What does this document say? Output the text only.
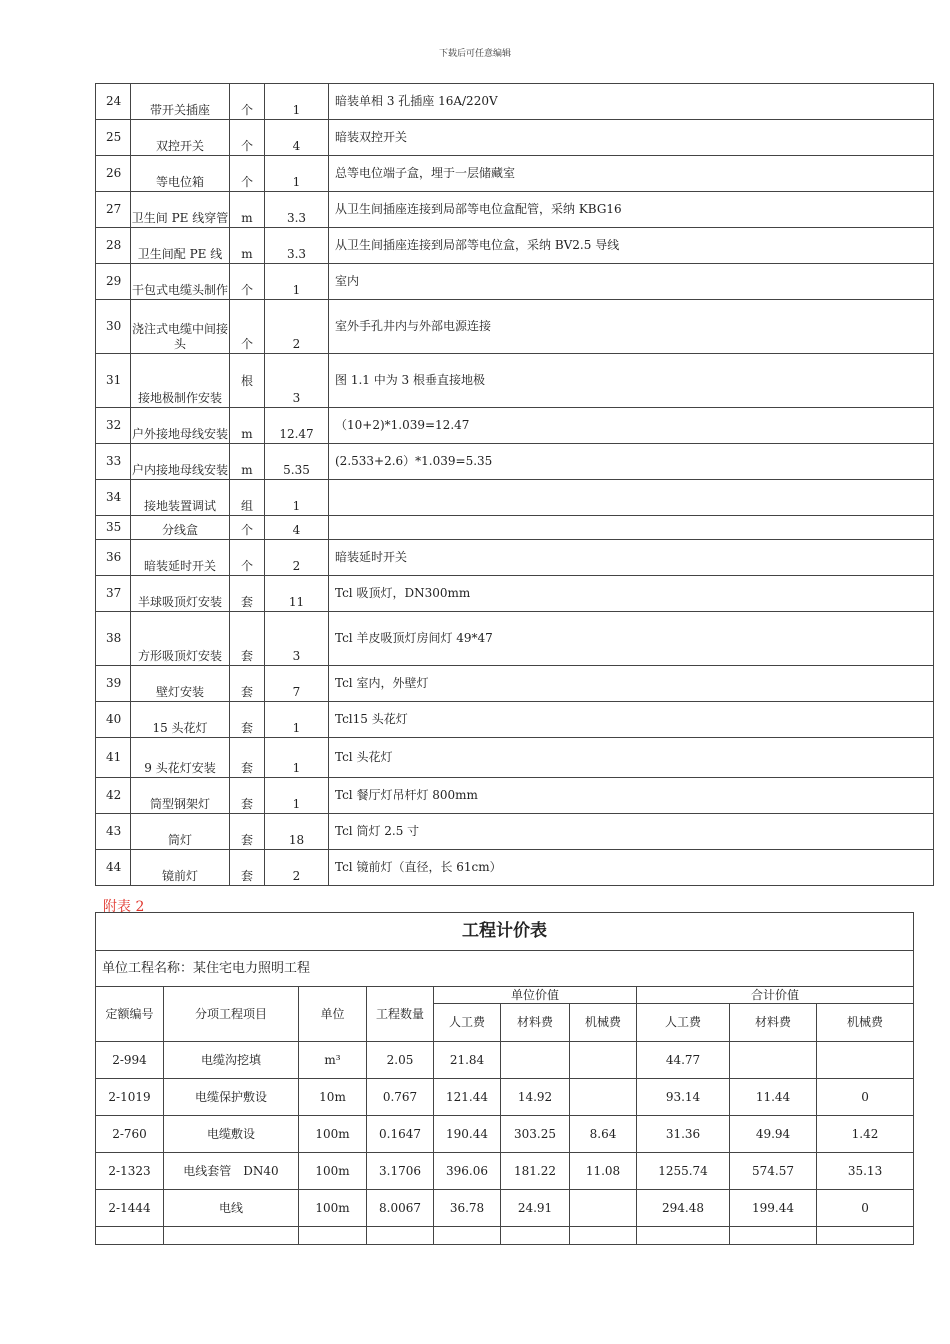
下载后可任意编辑
24	带开关插座	个	1	暗装单相 3 孔插座 16A/220V
25	双控开关	个	4	暗装双控开关
26	等电位箱	个	1	总等电位端子盒，埋于一层储藏室
27	卫生间 PE 线穿管	m	3.3	从卫生间插座连接到局部等电位盒配管，采纳 KBG16
28	卫生间配 PE 线	m	3.3	从卫生间插座连接到局部等电位盒，采纳 BV2.5 导线
29	干包式电缆头制作	个	1	室内
30	浇注式电缆中间接头	个	2	室外手孔井内与外部电源连接
31	接地极制作安装	根	3	图 1.1 中为 3 根垂直接地极
32	户外接地母线安装	m	12.47	（10+2)*1.039=12.47
33	户内接地母线安装	m	5.35	(2.533+2.6）*1.039=5.35
34	接地装置调试	组	1	
35	分线盒	个	4	
36	暗装延时开关	个	2	暗装延时开关
37	半球吸顶灯安装	套	11	Tcl 吸顶灯，DN300mm
38	方形吸顶灯安装	套	3	Tcl 羊皮吸顶灯房间灯 49*47
39	壁灯安装	套	7	Tcl 室内，外壁灯
40	15 头花灯	套	1	Tcl15 头花灯
41	9 头花灯安装	套	1	Tcl 头花灯
42	筒型钢架灯	套	1	Tcl 餐厅灯吊杆灯 800mm
43	筒灯	套	18	Tcl 筒灯 2.5 寸
44	镜前灯	套	2	Tcl 镜前灯（直径，长 61cm）
附表 2
工程计价表									
单位工程名称：某住宅电力照明工程									
定额编号	分项工程项目	单位	工程数量	单位价值			合计价值		
				人工费	材料费	机械费	人工费	材料费	机械费
2-994	电缆沟挖填	m³	2.05	21.84			44.77		
2-1019	电缆保护敷设	10m	0.767	121.44	14.92		93.14	11.44	0
2-760	电缆敷设	100m	0.1647	190.44	303.25	8.64	31.36	49.94	1.42
2-1323	电线套管　DN40	100m	3.1706	396.06	181.22	11.08	1255.74	574.57	35.13
2-1444	电线	100m	8.0067	36.78	24.91		294.48	199.44	0
